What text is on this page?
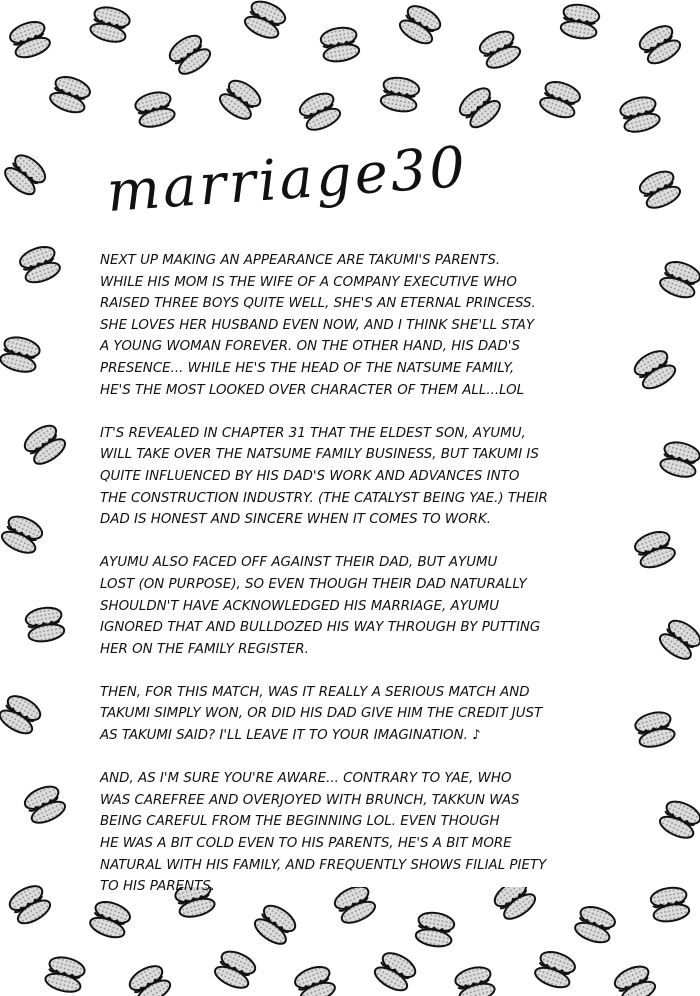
marriage30

NEXT UP MAKING AN APPEARANCE ARE TAKUMI'S PARENTS.
WHILE HIS MOM IS THE WIFE OF A COMPANY EXECUTIVE WHO
RAISED THREE BOYS QUITE WELL, SHE'S AN ETERNAL PRINCESS.
SHE LOVES HER HUSBAND EVEN NOW, AND I THINK SHE'LL STAY
A YOUNG WOMAN FOREVER. ON THE OTHER HAND, HIS DAD'S
PRESENCE... WHILE HE'S THE HEAD OF THE NATSUME FAMILY,
HE'S THE MOST LOOKED OVER CHARACTER OF THEM ALL...LOL

IT'S REVEALED IN CHAPTER 31 THAT THE ELDEST SON, AYUMU,
WILL TAKE OVER THE NATSUME FAMILY BUSINESS, BUT TAKUMI IS
QUITE INFLUENCED BY HIS DAD'S WORK AND ADVANCES INTO
THE CONSTRUCTION INDUSTRY. (THE CATALYST BEING YAE.) THEIR
DAD IS HONEST AND SINCERE WHEN IT COMES TO WORK.

AYUMU ALSO FACED OFF AGAINST THEIR DAD, BUT AYUMU
LOST (ON PURPOSE), SO EVEN THOUGH THEIR DAD NATURALLY
SHOULDN'T HAVE ACKNOWLEDGED HIS MARRIAGE, AYUMU
IGNORED THAT AND BULLDOZED HIS WAY THROUGH BY PUTTING
HER ON THE FAMILY REGISTER.

THEN, FOR THIS MATCH, WAS IT REALLY A SERIOUS MATCH AND
TAKUMI SIMPLY WON, OR DID HIS DAD GIVE HIM THE CREDIT JUST
AS TAKUMI SAID? I'LL LEAVE IT TO YOUR IMAGINATION. ♪

AND, AS I'M SURE YOU'RE AWARE... CONTRARY TO YAE, WHO
WAS CAREFREE AND OVERJOYED WITH BRUNCH, TAKKUN WAS
BEING CAREFUL FROM THE BEGINNING LOL. EVEN THOUGH
HE WAS A BIT COLD EVEN TO HIS PARENTS, HE'S A BIT MORE
NATURAL WITH HIS FAMILY, AND FREQUENTLY SHOWS FILIAL PIETY
TO HIS PARENTS.
